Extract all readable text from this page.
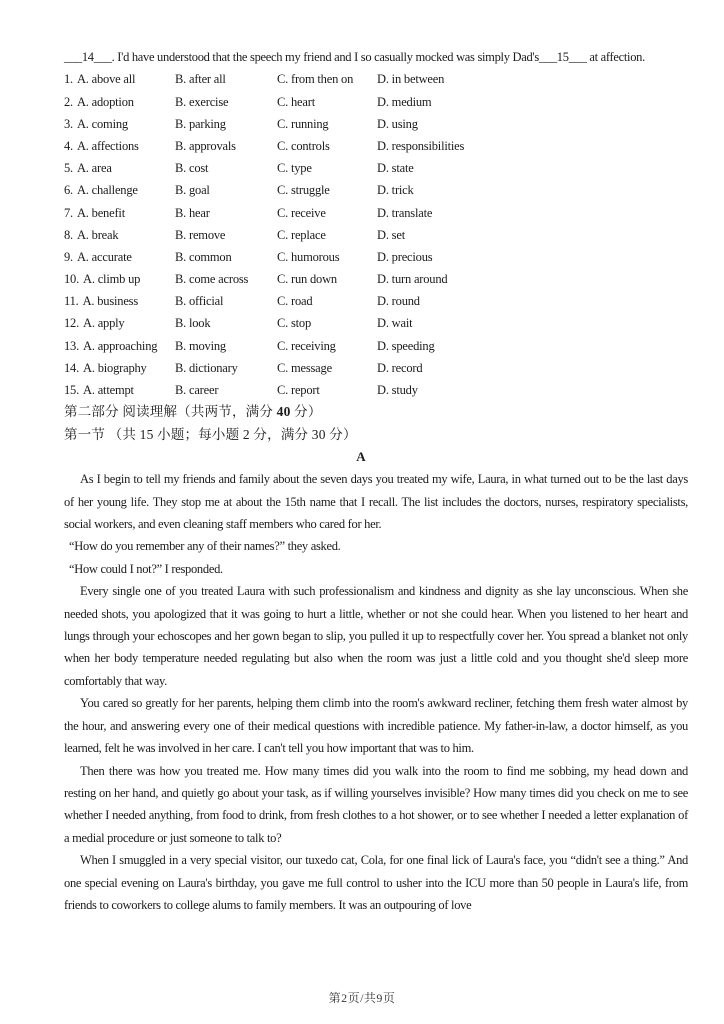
___14___. I'd have understood that the speech my friend and I so casually mocked was simply Dad's___15___ at affection.

1. A. above all	B. after all	C. from then on	D. in between
2. A. adoption	B. exercise	C. heart	D. medium
3. A. coming	B. parking	C. running	D. using
4. A. affections	B. approvals	C. controls	D. responsibilities
5. A. area	B. cost	C. type	D. state
6. A. challenge	B. goal	C. struggle	D. trick
7. A. benefit	B. hear	C. receive	D. translate
8. A. break	B. remove	C. replace	D. set
9. A. accurate	B. common	C. humorous	D. precious
10. A. climb up	B. come across	C. run down	D. turn around
11. A. business	B. official	C. road	D. round
12. A. apply	B. look	C. stop	D. wait
13. A. approaching	B. moving	C. receiving	D. speeding
14. A. biography	B. dictionary	C. message	D. record
15. A. attempt	B. career	C. report	D. study
第二部分 阅读理解（共两节，满分 40 分）
第一节 （共 15 小题；每小题 2 分，满分 30 分）
A

As I begin to tell my friends and family about the seven days you treated my wife, Laura, in what turned out to be the last days of her young life. They stop me at about the 15th name that I recall. The list includes the doctors, nurses, respiratory specialists, social workers, and even cleaning staff members who cared for her.

“How do you remember any of their names?” they asked.

“How could I not?” I responded.

Every single one of you treated Laura with such professionalism and kindness and dignity as she lay unconscious. When she needed shots, you apologized that it was going to hurt a little, whether or not she could hear. When you listened to her heart and lungs through your echoscopes and her gown began to slip, you pulled it up to respectfully cover her. You spread a blanket not only when her body temperature needed regulating but also when the room was just a little cold and you thought she'd sleep more comfortably that way.

You cared so greatly for her parents, helping them climb into the room's awkward recliner, fetching them fresh water almost by the hour, and answering every one of their medical questions with incredible patience. My father-in-law, a doctor himself, as you learned, felt he was involved in her care. I can't tell you how important that was to him.

Then there was how you treated me. How many times did you walk into the room to find me sobbing, my head down and resting on her hand, and quietly go about your task, as if willing yourselves invisible? How many times did you check on me to see whether I needed anything, from food to drink, from fresh clothes to a hot shower, or to see whether I needed a letter explanation of a medial procedure or just someone to talk to?

When I smuggled in a very special visitor, our tuxedo cat, Cola, for one final lick of Laura's face, you “didn't see a thing.” And one special evening on Laura's birthday, you gave me full control to usher into the ICU more than 50 people in Laura's life, from friends to coworkers to college alums to family members. It was an outpouring of love

第2页/共9页
